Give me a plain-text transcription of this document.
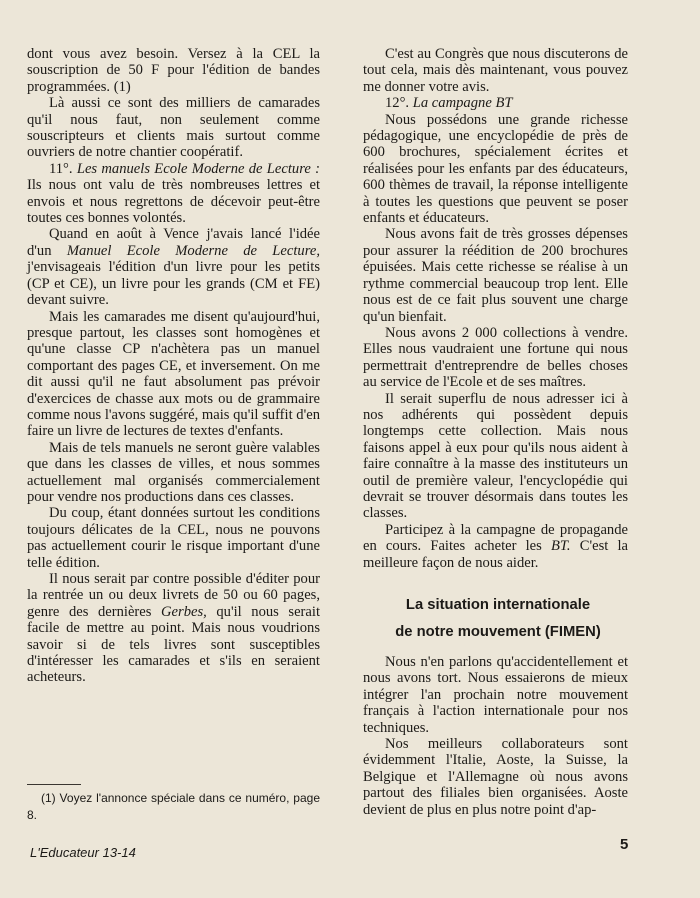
dont vous avez besoin. Versez à la CEL la souscription de 50 F pour l'édition de bandes programmées. (1)

Là aussi ce sont des milliers de camarades qu'il nous faut, non seulement comme souscripteurs et clients mais surtout comme ouvriers de notre chantier coopératif.

11°. Les manuels Ecole Moderne de Lecture : Ils nous ont valu de très nombreuses lettres et envois et nous regrettons de décevoir peut-être toutes ces bonnes volontés.

Quand en août à Vence j'avais lancé l'idée d'un Manuel Ecole Moderne de Lecture, j'envisageais l'édition d'un livre pour les petits (CP et CE), un livre pour les grands (CM et FE) devant suivre.

Mais les camarades me disent qu'aujourd'hui, presque partout, les classes sont homogènes et qu'une classe CP n'achètera pas un manuel comportant des pages CE, et inversement. On me dit aussi qu'il ne faut absolument pas prévoir d'exercices de chasse aux mots ou de grammaire comme nous l'avons suggéré, mais qu'il suffit d'en faire un livre de lectures de textes d'enfants.

Mais de tels manuels ne seront guère valables que dans les classes de villes, et nous sommes actuellement mal organisés commercialement pour vendre nos productions dans ces classes.

Du coup, étant données surtout les conditions toujours délicates de la CEL, nous ne pouvons pas actuellement courir le risque important d'une telle édition.

Il nous serait par contre possible d'éditer pour la rentrée un ou deux livrets de 50 ou 60 pages, genre des dernières Gerbes, qu'il nous serait facile de mettre au point. Mais nous voudrions savoir si de tels livres sont susceptibles d'intéresser les camarades et s'ils en seraient acheteurs.

(1) Voyez l'annonce spéciale dans ce numéro, page 8.

C'est au Congrès que nous discuterons de tout cela, mais dès maintenant, vous pouvez me donner votre avis.

12°. La campagne BT

Nous possédons une grande richesse pédagogique, une encyclopédie de près de 600 brochures, spécialement écrites et réalisées pour les enfants par des éducateurs, 600 thèmes de travail, la réponse intelligente à toutes les questions que peuvent se poser enfants et éducateurs.

Nous avons fait de très grosses dépenses pour assurer la réédition de 200 brochures épuisées. Mais cette richesse se réalise à un rythme commercial beaucoup trop lent. Elle nous est de ce fait plus souvent une charge qu'un bienfait.

Nous avons 2 000 collections à vendre. Elles nous vaudraient une fortune qui nous permettrait d'entreprendre de belles choses au service de l'Ecole et de ses maîtres.

Il serait superflu de nous adresser ici à nos adhérents qui possèdent depuis longtemps cette collection. Mais nous faisons appel à eux pour qu'ils nous aident à faire connaître à la masse des instituteurs un outil de première valeur, l'encyclopédie qui devrait se trouver désormais dans toutes les classes.

Participez à la campagne de propagande en cours. Faites acheter les BT. C'est la meilleure façon de nous aider.

La situation internationale
de notre mouvement (FIMEN)

Nous n'en parlons qu'accidentellement et nous avons tort. Nous essaierons de mieux intégrer l'an prochain notre mouvement français à l'action internationale pour nos techniques.

Nos meilleurs collaborateurs sont évidemment l'Italie, Aoste, la Suisse, la Belgique et l'Allemagne où nous avons partout des filiales bien organisées. Aoste devient de plus en plus notre point d'ap-

L'Educateur 13-14	5
